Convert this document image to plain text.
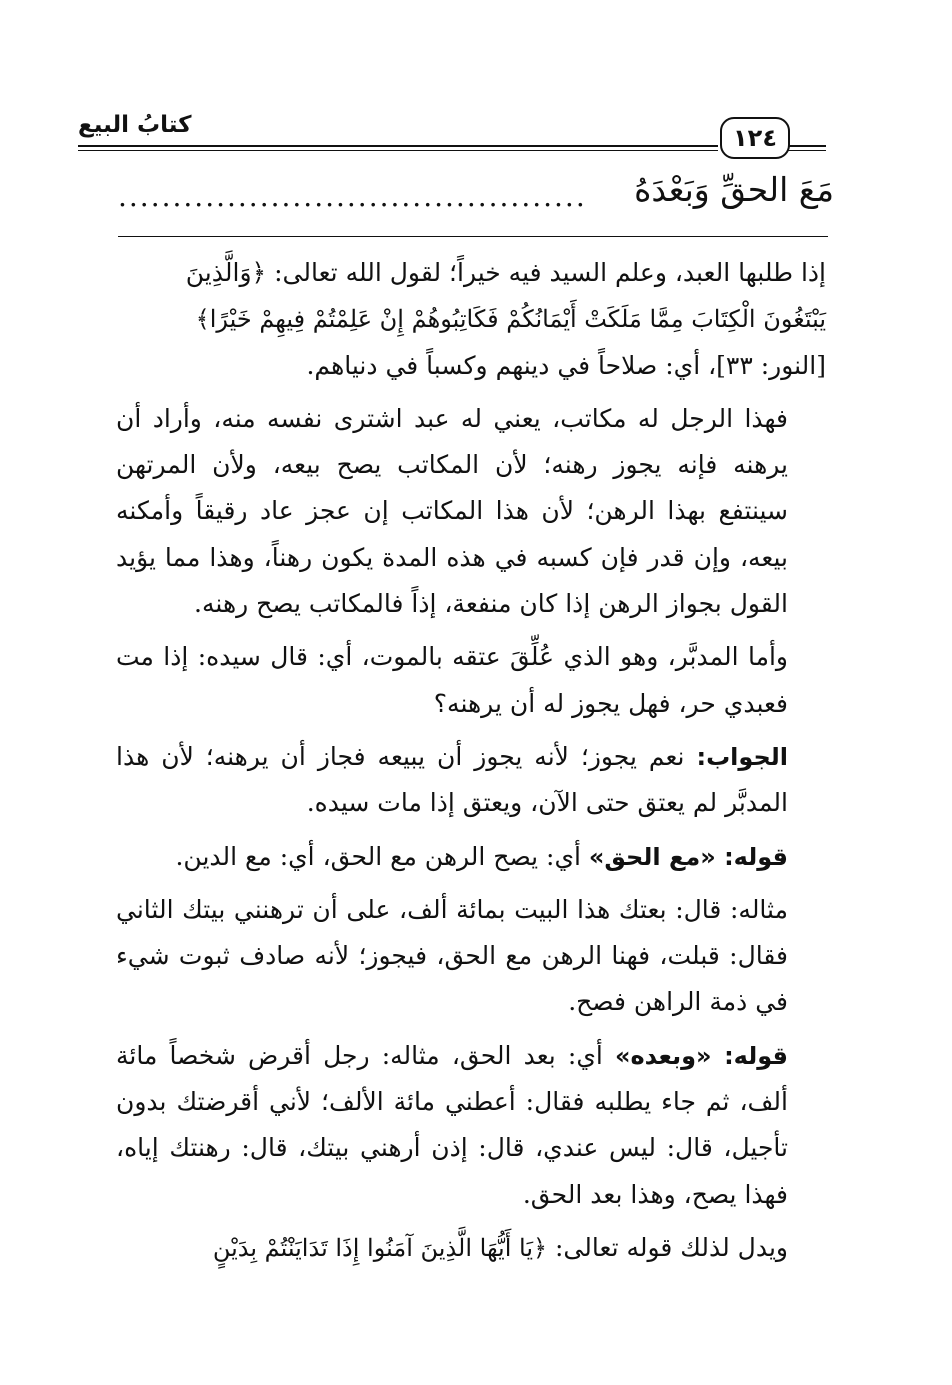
كتابُ البيع	١٢٤
مَعَ الحقِّ وَبَعْدَهُ
...........................................

إذا طلبها العبد، وعلم السيد فيه خيراً؛ لقول الله تعالى: ﴿وَالَّذِينَ
يَبْتَغُونَ الْكِتَابَ مِمَّا مَلَكَتْ أَيْمَانُكُمْ فَكَاتِبُوهُمْ إِنْ عَلِمْتُمْ فِيهِمْ خَيْرًا﴾
[النور: ٣٣]، أي: صلاحاً في دينهم وكسباً في دنياهم.

فهذا الرجل له مكاتب، يعني له عبد اشترى نفسه منه، وأراد أن يرهنه فإنه يجوز رهنه؛ لأن المكاتب يصح بيعه، ولأن المرتهن سينتفع بهذا الرهن؛ لأن هذا المكاتب إن عجز عاد رقيقاً وأمكنه بيعه، وإن قدر فإن كسبه في هذه المدة يكون رهناً، وهذا مما يؤيد القول بجواز الرهن إذا كان منفعة، إذاً فالمكاتب يصح رهنه.

وأما المدبَّر، وهو الذي عُلِّقَ عتقه بالموت، أي: قال سيده: إذا مت فعبدي حر، فهل يجوز له أن يرهنه؟

الجواب: نعم يجوز؛ لأنه يجوز أن يبيعه فجاز أن يرهنه؛ لأن هذا المدبَّر لم يعتق حتى الآن، ويعتق إذا مات سيده.

قوله: «مع الحق» أي: يصح الرهن مع الحق، أي: مع الدين.

مثاله: قال: بعتك هذا البيت بمائة ألف، على أن ترهنني بيتك الثاني فقال: قبلت، فهنا الرهن مع الحق، فيجوز؛ لأنه صادف ثبوت شيء في ذمة الراهن فصح.

قوله: «وبعده» أي: بعد الحق، مثاله: رجل أقرض شخصاً مائة ألف، ثم جاء يطلبه فقال: أعطني مائة الألف؛ لأني أقرضتك بدون تأجيل، قال: ليس عندي، قال: إذن أرهني بيتك، قال: رهنتك إياه، فهذا يصح، وهذا بعد الحق.

ويدل لذلك قوله تعالى: ﴿يَا أَيُّهَا الَّذِينَ آمَنُوا إِذَا تَدَايَنْتُمْ بِدَيْنٍ
